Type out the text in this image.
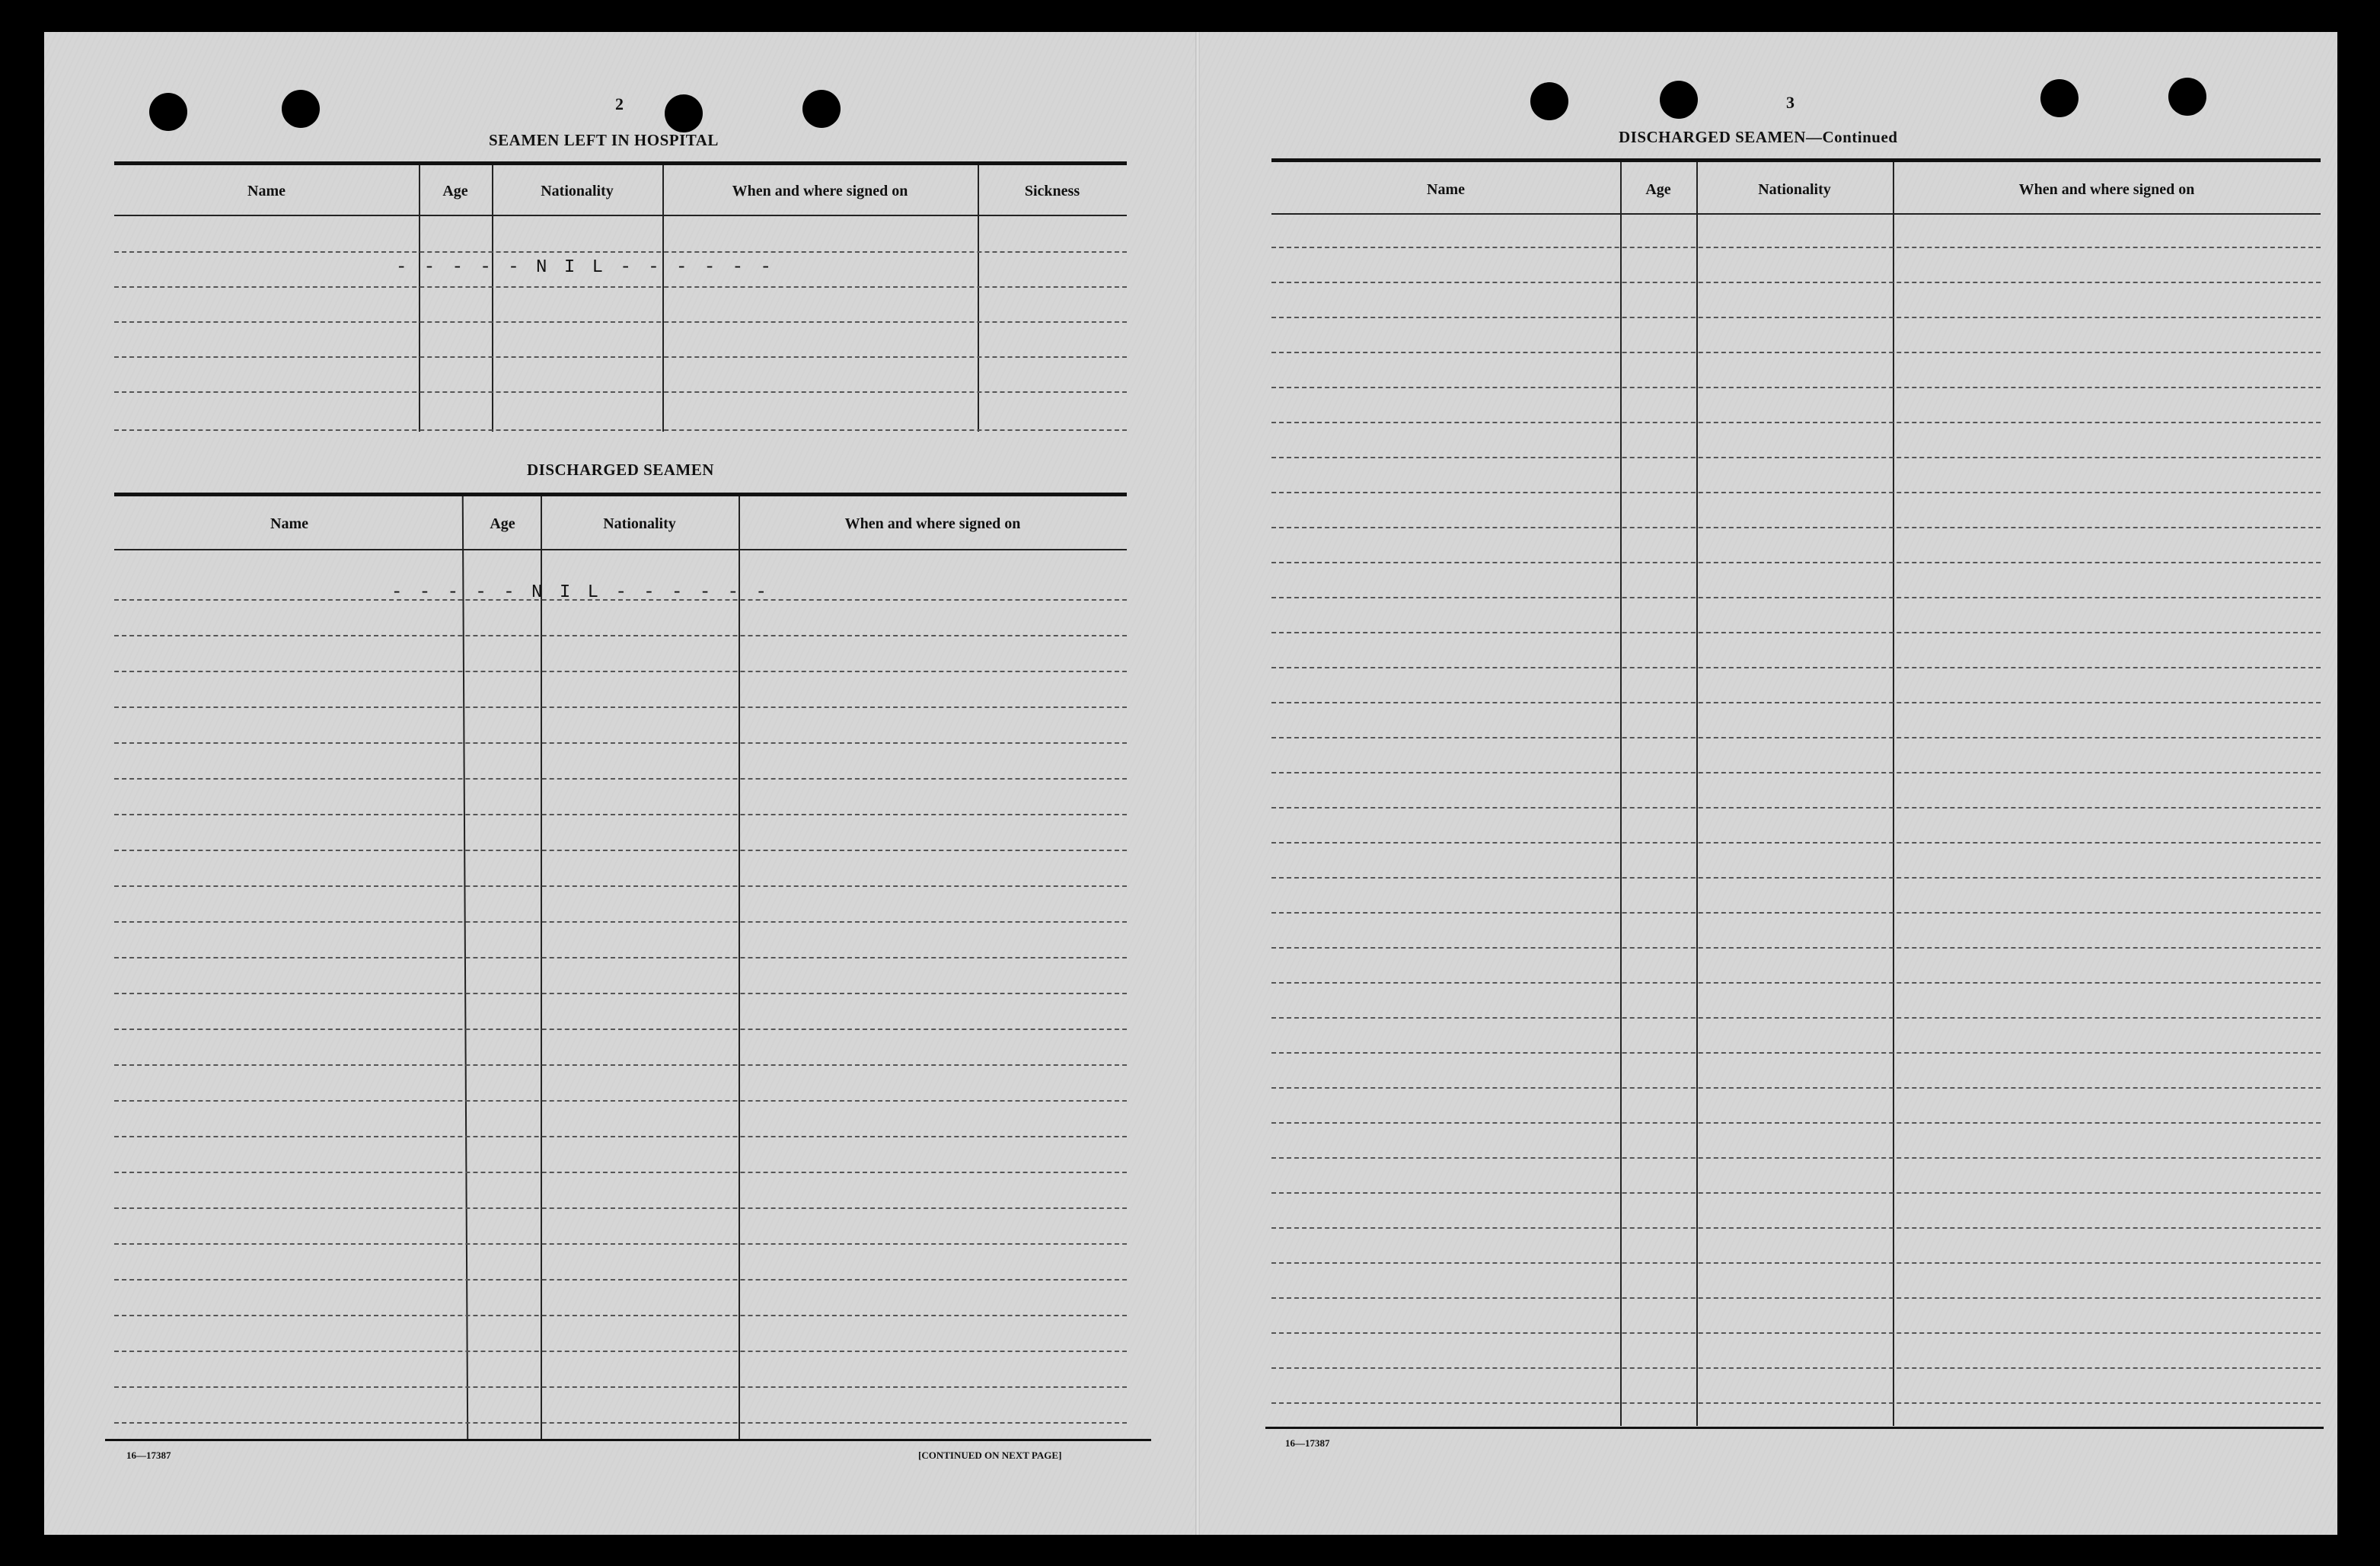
2
SEAMEN LEFT IN HOSPITAL
Name	Age	Nationality	When and where signed on	Sickness
- - - - - N I L - - - - - -
DISCHARGED SEAMEN
Name	Age	Nationality	When and where signed on
- - - - - N I L - - - - - -
16—17387	[CONTINUED ON NEXT PAGE]
3
DISCHARGED SEAMEN—Continued
Name	Age	Nationality	When and where signed on
16—17387
